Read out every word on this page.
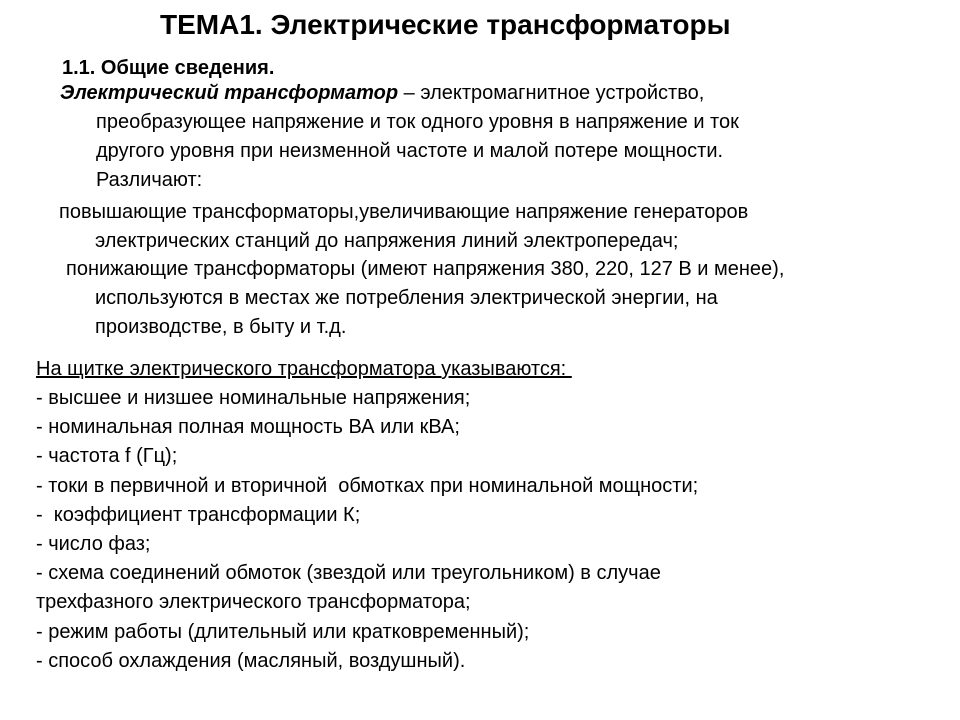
ТЕМА1. Электрические трансформаторы
1.1. Общие сведения.
Электрический трансформатор – электромагнитное устройство,
преобразующее напряжение и ток одного уровня в напряжение и ток
другого уровня при неизменной частоте и малой потере мощности.
Различают:
повышающие трансформаторы,увеличивающие напряжение генераторов
электрических станций до напряжения линий электропередач;
понижающие трансформаторы (имеют напряжения 380, 220, 127 В и менее),
используются в местах же потребления электрической энергии, на
производстве, в быту и т.д.
На щитке электрического трансформатора указываются:
- высшее и низшее номинальные напряжения;
- номинальная полная мощность ВА или кВА;
- частота f (Гц);
- токи в первичной и вторичной  обмотках при номинальной мощности;
-  коэффициент трансформации К;
- число фаз;
- схема соединений обмоток (звездой или треугольником) в случае
трехфазного электрического трансформатора;
- режим работы (длительный или кратковременный);
- способ охлаждения (масляный, воздушный).
